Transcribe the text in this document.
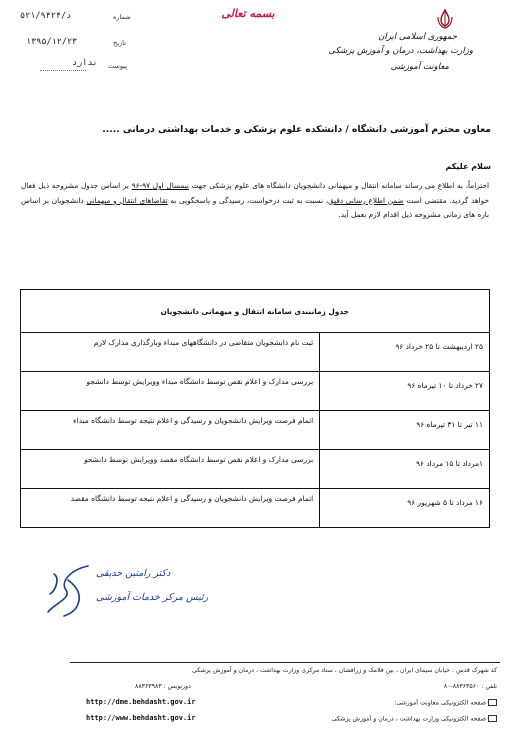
جمهوری اسلامی ایران
وزارت بهداشت، درمان و آموزش پزشکی
معاونت آموزشی
بسمه تعالی
شماره
۵۲۱/۹۴۲۴/د
تاریخ
۱۳۹۵/۱۲/۲۳
پیوست
ندارد
معاون محترم آموزشی دانشگاه / دانشکده علوم پزشکی و خدمات بهداشتی درمانی .....
سلام علیکم
احتراماً، به اطلاع می رساند سامانه انتقال و میهمانی دانشجویان دانشگاه های علوم پزشکی جهت نیمسال اول ۹۷-۹۶ بر اساس جدول مشروحه ذیل فعال خواهد گردید. مقتضی است ضمن اطلاع رسانی دقیق، نسبت به ثبت درخواست، رسیدگی و پاسخگویی به تقاضاهای انتقال و میهمانی دانشجویان بر اساس بازه های زمانی مشروحه ذیل اقدام لازم بعمل آید.
جدول زمانبندی سامانه انتقال و میهمانی دانشجویان	
۲۵ اردیبهشت تا ۲۵ خرداد ۹۶	ثبت نام دانشجویان متقاضی در دانشگاههای مبداء وبارگذاری مدارک لازم
۲۷ خرداد تا ۱۰ تیرماه ۹۶	بررسی مدارک و اعلام نقص توسط دانشگاه مبداء وویرایش توسط دانشجو
۱۱ تیر تا ۳۱ تیرماه ۹۶	اتمام فرصت ویرایش دانشجویان و رسیدگی و اعلام نتیجه توسط دانشگاه مبداء
۱مرداد تا ۱۵ مرداد ۹۶	بررسی مدارک و اعلام نقص توسط دانشگاه مقصد وویرایش توسط دانشجو
۱۶ مرداد تا ۵ شهریور ۹۶	اتمام فرصت ویرایش دانشجویان و رسیدگی و اعلام نتیجه توسط دانشگاه مقصد
دکتر رامتین حدیقی
رئیس مرکز خدمات آموزشی
کد شهرک قدس : خیابان سیمای ایران ، بین فلامک و زرافشان ، ستاد مرکزی وزارت بهداشت ، درمان و آموزش پزشکی
تلفن : ۸۸۳۶۳۵۶۰-۸۰
دورنویس : ۸۸۳۶۳۹۸۳
صفحه الکترونیکی معاونت آموزشی:
http://dme.behdasht.gov.ir
صفحه الکترونیکی وزارت بهداشت ، درمان و آموزش پزشکی
http://www.behdasht.gov.ir
